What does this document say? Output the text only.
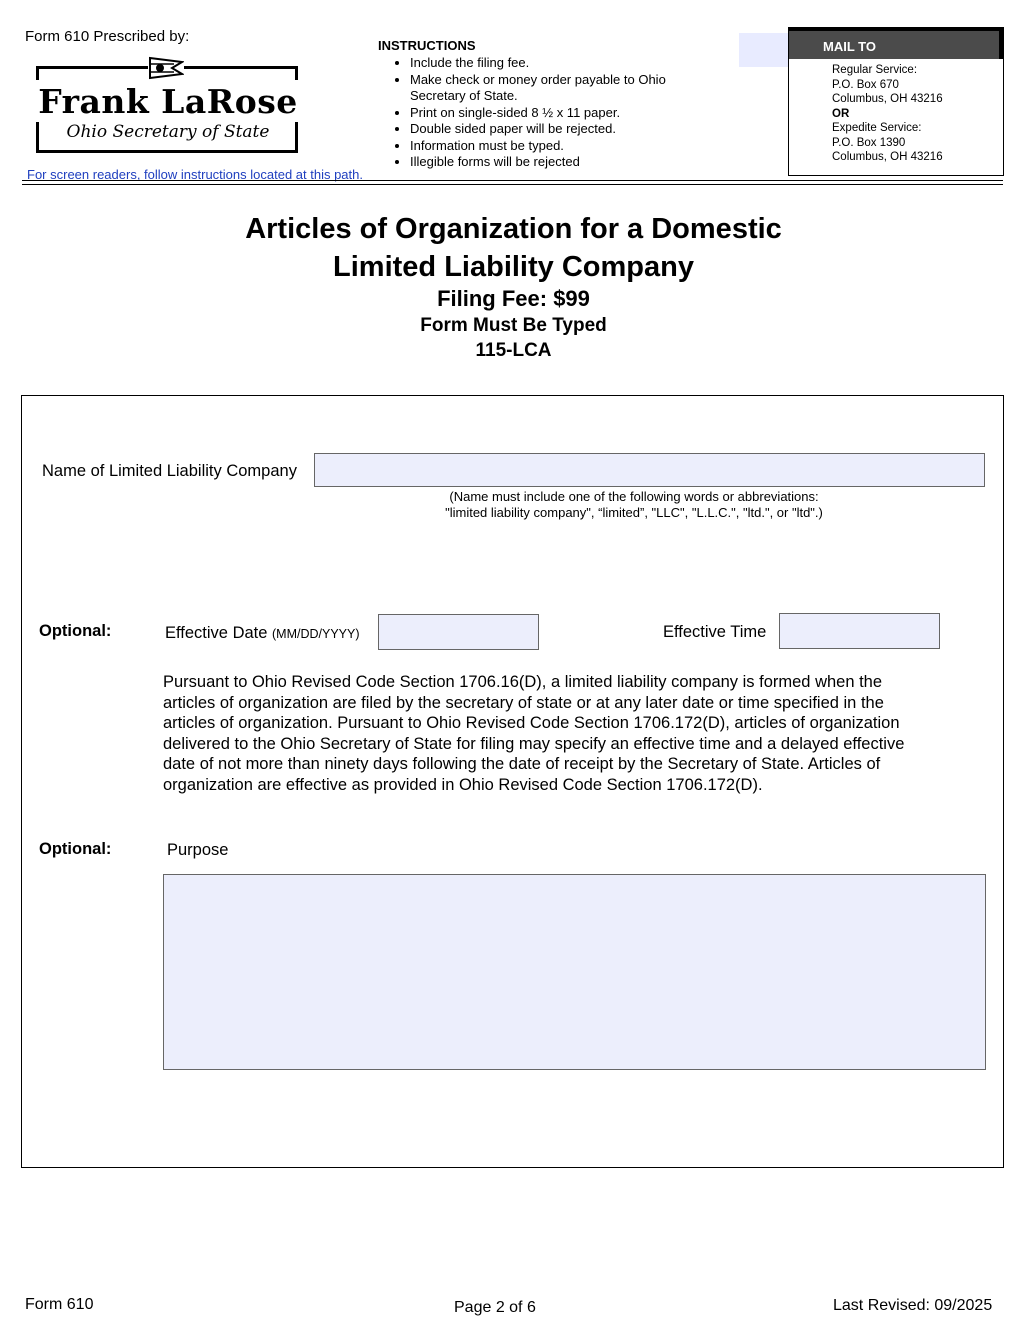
Form 610 Prescribed by:
Frank LaRose
Ohio Secretary of State
For screen readers, follow instructions located at this path.
INSTRUCTIONS
• Include the filing fee.
• Make check or money order payable to Ohio Secretary of State.
• Print on single-sided 8 ½ x 11 paper.
• Double sided paper will be rejected.
• Information must be typed.
• Illegible forms will be rejected
MAIL TO
Regular Service:
P.O. Box 670
Columbus, OH 43216
OR
Expedite Service:
P.O. Box 1390
Columbus, OH 43216
Articles of Organization for a Domestic
Limited Liability Company
Filing Fee: $99
Form Must Be Typed
115-LCA
Name of Limited Liability Company
(Name must include one of the following words or abbreviations:
"limited liability company", “limited”, "LLC", "L.L.C.", "ltd.", or "ltd".)
Optional:	Effective Date (MM/DD/YYYY)	Effective Time
Pursuant to Ohio Revised Code Section 1706.16(D), a limited liability company is formed when the
articles of organization are filed by the secretary of state or at any later date or time specified in the
articles of organization. Pursuant to Ohio Revised Code Section 1706.172(D), articles of organization
delivered to the Ohio Secretary of State for filing may specify an effective time and a delayed effective
date of not more than ninety days following the date of receipt by the Secretary of State. Articles of
organization are effective as provided in Ohio Revised Code Section 1706.172(D).
Optional:	Purpose
Form 610	Page 2 of 6	Last Revised: 09/2025
